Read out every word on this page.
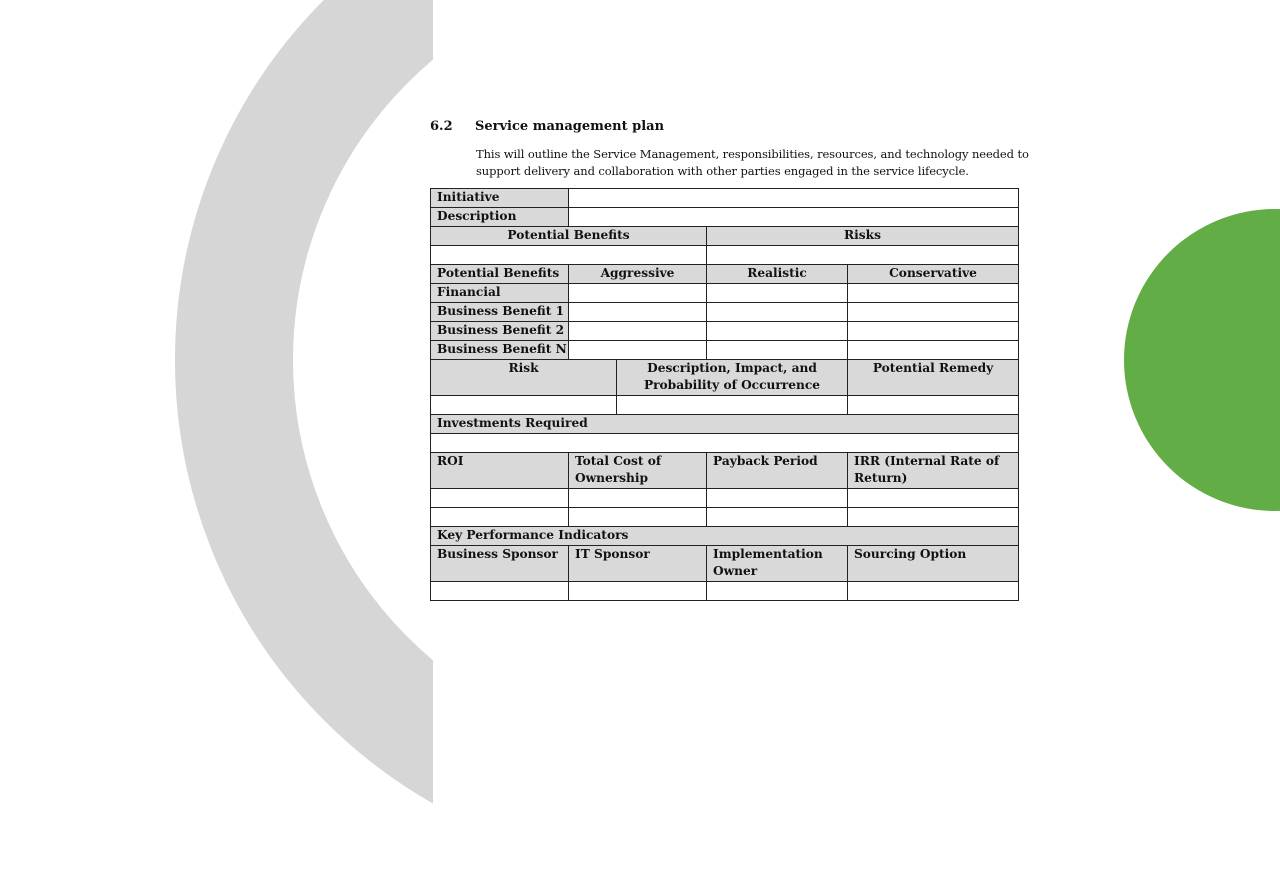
6.2 Service management plan
This will outline the Service Management, responsibilities, resources, and technology needed to support delivery and collaboration with other parties engaged in the service lifecycle.
Initiative				
Description				
Potential Benefits			Risks	

Potential Benefits	Aggressive		Realistic	Conservative
Financial				
Business Benefit 1				
Business Benefit 2				
Business Benefit N				
Risk		Description, Impact, and Probability of Occurrence		Potential Remedy

Investments Required				

ROI	Total Cost of Ownership		Payback Period	IRR (Internal Rate of Return)

Key Performance Indicators				
Business Sponsor	IT Sponsor		Implementation Owner	Sourcing Option
